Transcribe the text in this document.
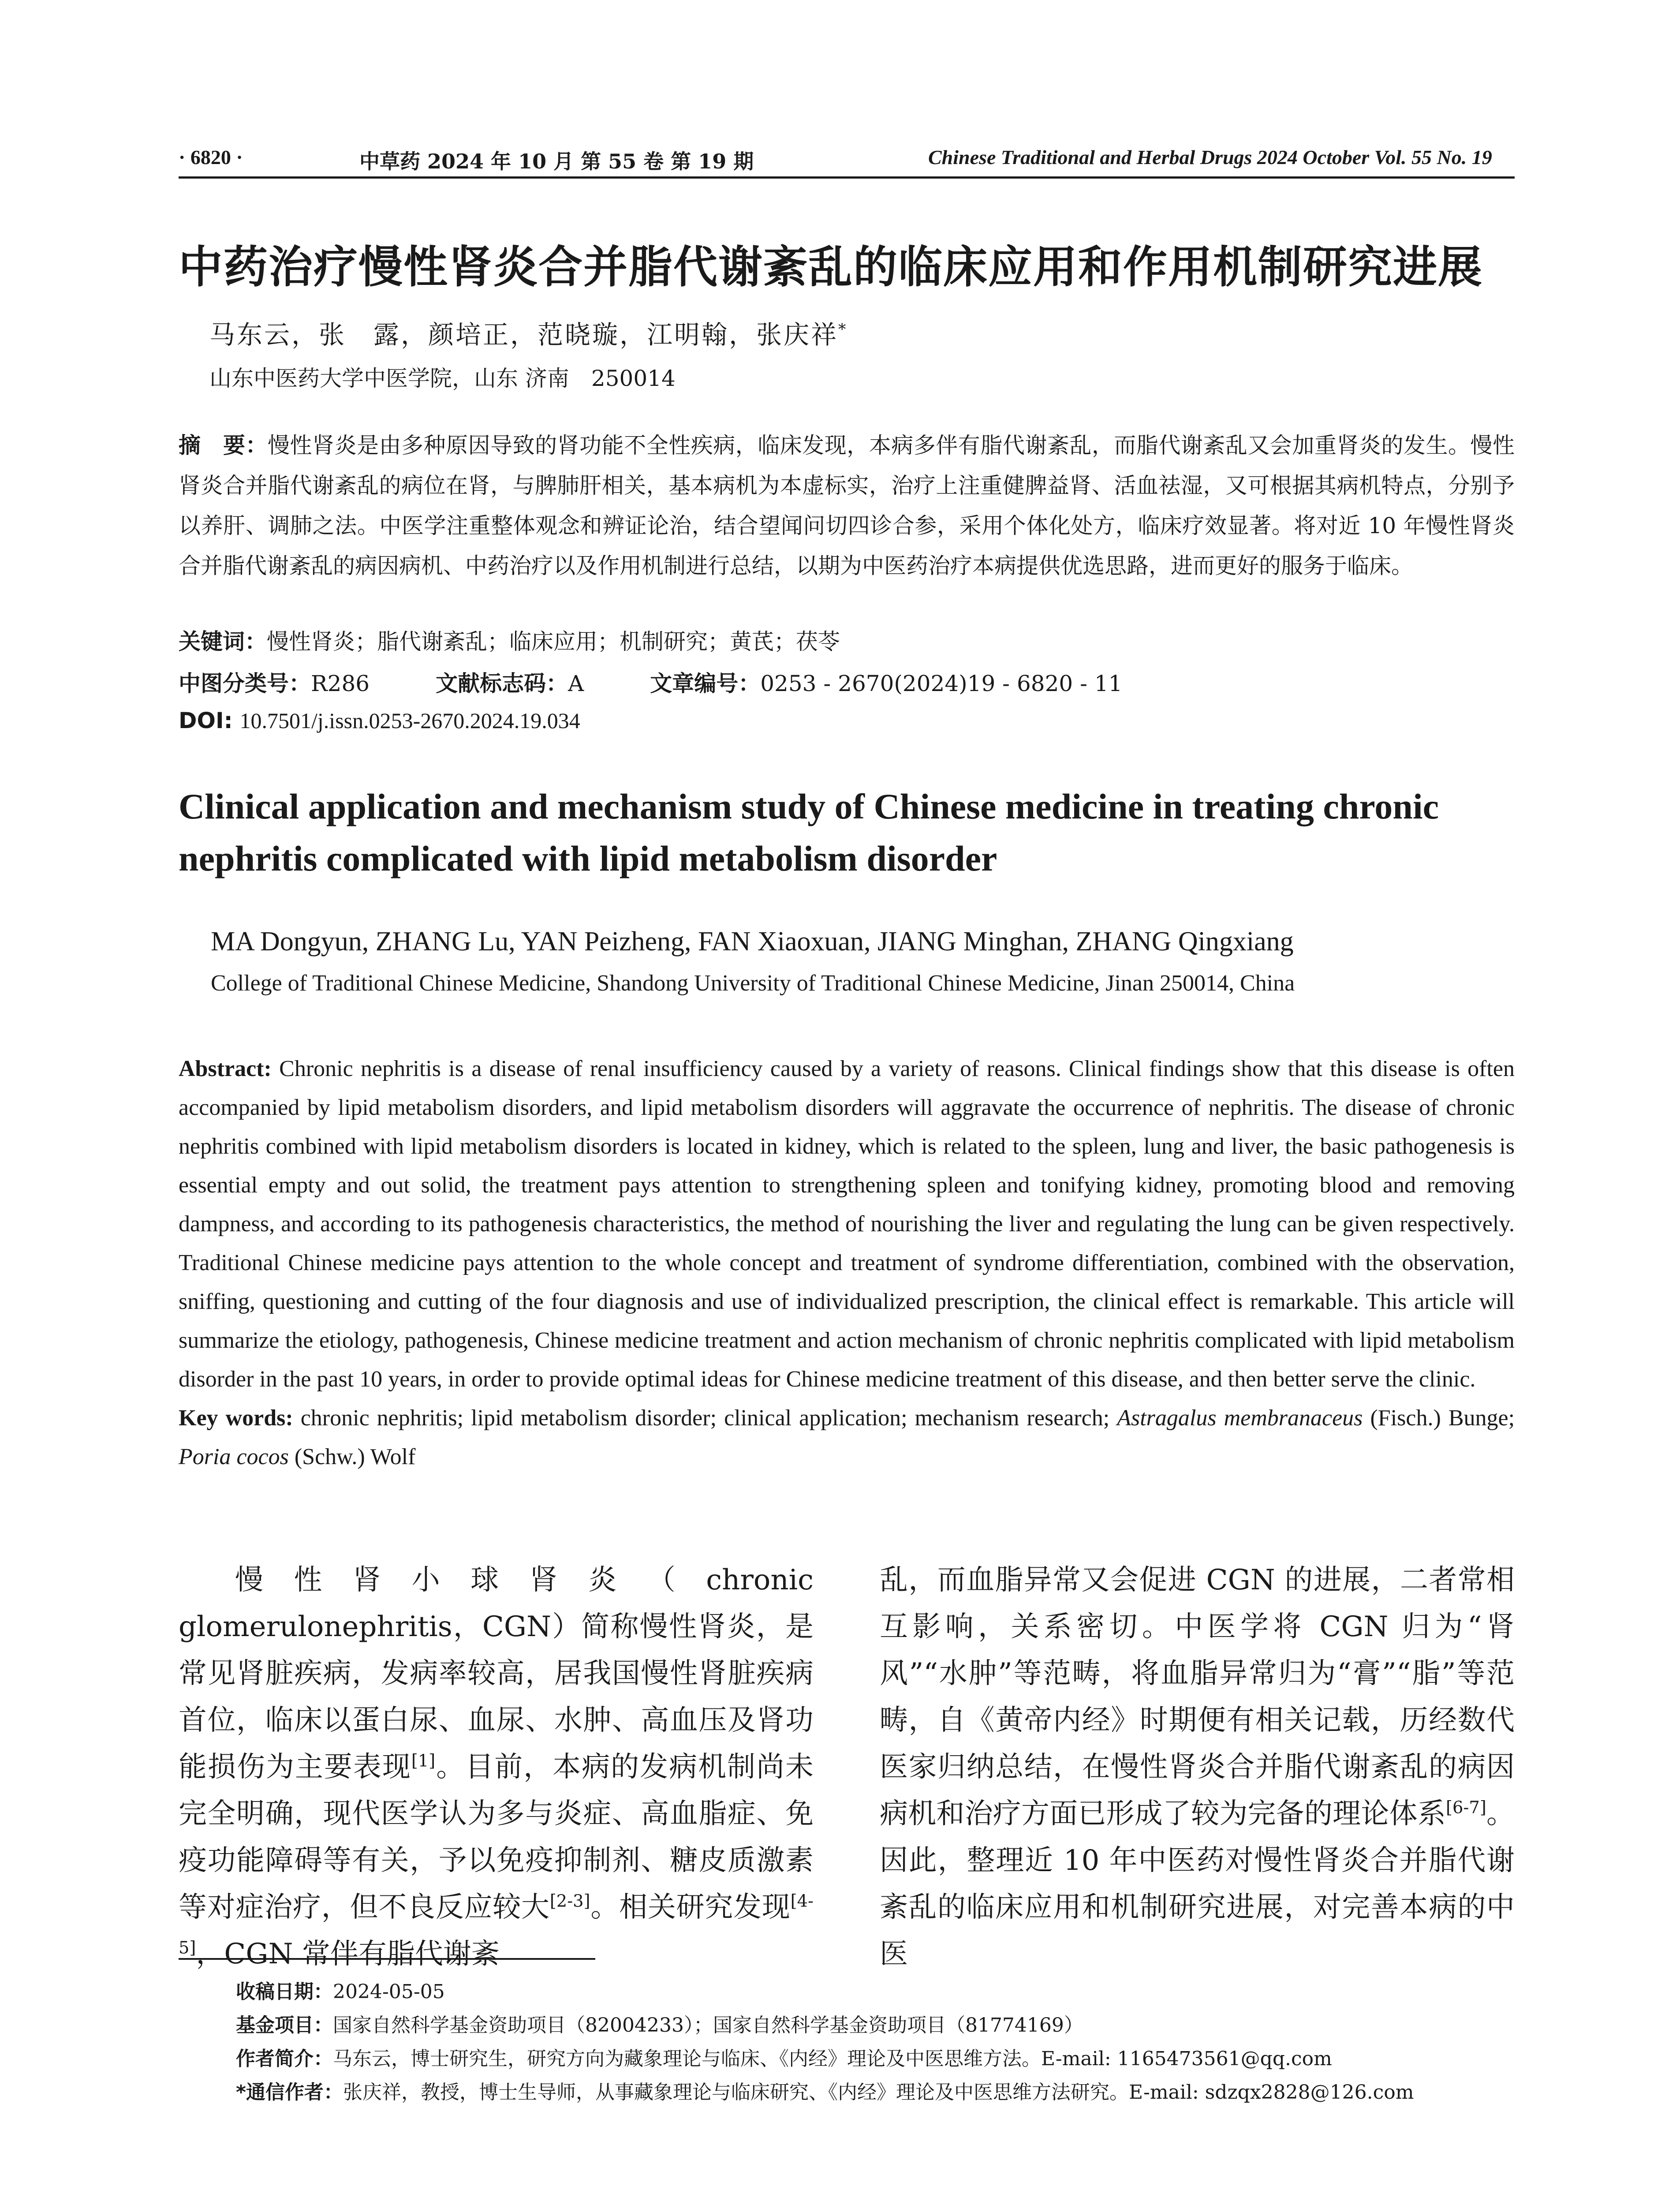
· 6820 ·	中草药 2024 年 10 月 第 55 卷 第 19 期	Chinese Traditional and Herbal Drugs 2024 October Vol. 55 No. 19
中药治疗慢性肾炎合并脂代谢紊乱的临床应用和作用机制研究进展
马东云，张　露，颜培正，范晓璇，江明翰，张庆祥*
山东中医药大学中医学院，山东 济南　250014
摘　要：慢性肾炎是由多种原因导致的肾功能不全性疾病，临床发现，本病多伴有脂代谢紊乱，而脂代谢紊乱又会加重肾炎的发生。慢性肾炎合并脂代谢紊乱的病位在肾，与脾肺肝相关，基本病机为本虚标实，治疗上注重健脾益肾、活血祛湿，又可根据其病机特点，分别予以养肝、调肺之法。中医学注重整体观念和辨证论治，结合望闻问切四诊合参，采用个体化处方，临床疗效显著。将对近 10 年慢性肾炎合并脂代谢紊乱的病因病机、中药治疗以及作用机制进行总结，以期为中医药治疗本病提供优选思路，进而更好的服务于临床。
关键词：慢性肾炎；脂代谢紊乱；临床应用；机制研究；黄芪；茯苓
中图分类号：R286	文献标志码：A	文章编号：0253 - 2670(2024)19 - 6820 - 11
DOI: 10.7501/j.issn.0253-2670.2024.19.034
Clinical application and mechanism study of Chinese medicine in treating chronic nephritis complicated with lipid metabolism disorder
MA Dongyun, ZHANG Lu, YAN Peizheng, FAN Xiaoxuan, JIANG Minghan, ZHANG Qingxiang
College of Traditional Chinese Medicine, Shandong University of Traditional Chinese Medicine, Jinan 250014, China
Abstract: Chronic nephritis is a disease of renal insufficiency caused by a variety of reasons. Clinical findings show that this disease is often accompanied by lipid metabolism disorders, and lipid metabolism disorders will aggravate the occurrence of nephritis. The disease of chronic nephritis combined with lipid metabolism disorders is located in kidney, which is related to the spleen, lung and liver, the basic pathogenesis is essential empty and out solid, the treatment pays attention to strengthening spleen and tonifying kidney, promoting blood and removing dampness, and according to its pathogenesis characteristics, the method of nourishing the liver and regulating the lung can be given respectively. Traditional Chinese medicine pays attention to the whole concept and treatment of syndrome differentiation, combined with the observation, sniffing, questioning and cutting of the four diagnosis and use of individualized prescription, the clinical effect is remarkable. This article will summarize the etiology, pathogenesis, Chinese medicine treatment and action mechanism of chronic nephritis complicated with lipid metabolism disorder in the past 10 years, in order to provide optimal ideas for Chinese medicine treatment of this disease, and then better serve the clinic.
Key words: chronic nephritis; lipid metabolism disorder; clinical application; mechanism research; Astragalus membranaceus (Fisch.) Bunge; Poria cocos (Schw.) Wolf
慢性肾小球肾炎（chronic glomerulonephritis，CGN）简称慢性肾炎，是常见肾脏疾病，发病率较高，居我国慢性肾脏疾病首位，临床以蛋白尿、血尿、水肿、高血压及肾功能损伤为主要表现[1]。目前，本病的发病机制尚未完全明确，现代医学认为多与炎症、高血脂症、免疫功能障碍等有关，予以免疫抑制剂、糖皮质激素等对症治疗，但不良反应较大[2-3]。相关研究发现[4-5]，CGN 常伴有脂代谢紊
乱，而血脂异常又会促进 CGN 的进展，二者常相互影响，关系密切。中医学将 CGN 归为“肾风”“水肿”等范畴，将血脂异常归为“膏”“脂”等范畴，自《黄帝内经》时期便有相关记载，历经数代医家归纳总结，在慢性肾炎合并脂代谢紊乱的病因病机和治疗方面已形成了较为完备的理论体系[6-7]。因此，整理近 10 年中医药对慢性肾炎合并脂代谢紊乱的临床应用和机制研究进展，对完善本病的中医
收稿日期：2024-05-05
基金项目：国家自然科学基金资助项目（82004233）；国家自然科学基金资助项目（81774169）
作者简介：马东云，博士研究生，研究方向为藏象理论与临床、《内经》理论及中医思维方法。E-mail: 1165473561@qq.com
*通信作者：张庆祥，教授，博士生导师，从事藏象理论与临床研究、《内经》理论及中医思维方法研究。E-mail: sdzqx2828@126.com
